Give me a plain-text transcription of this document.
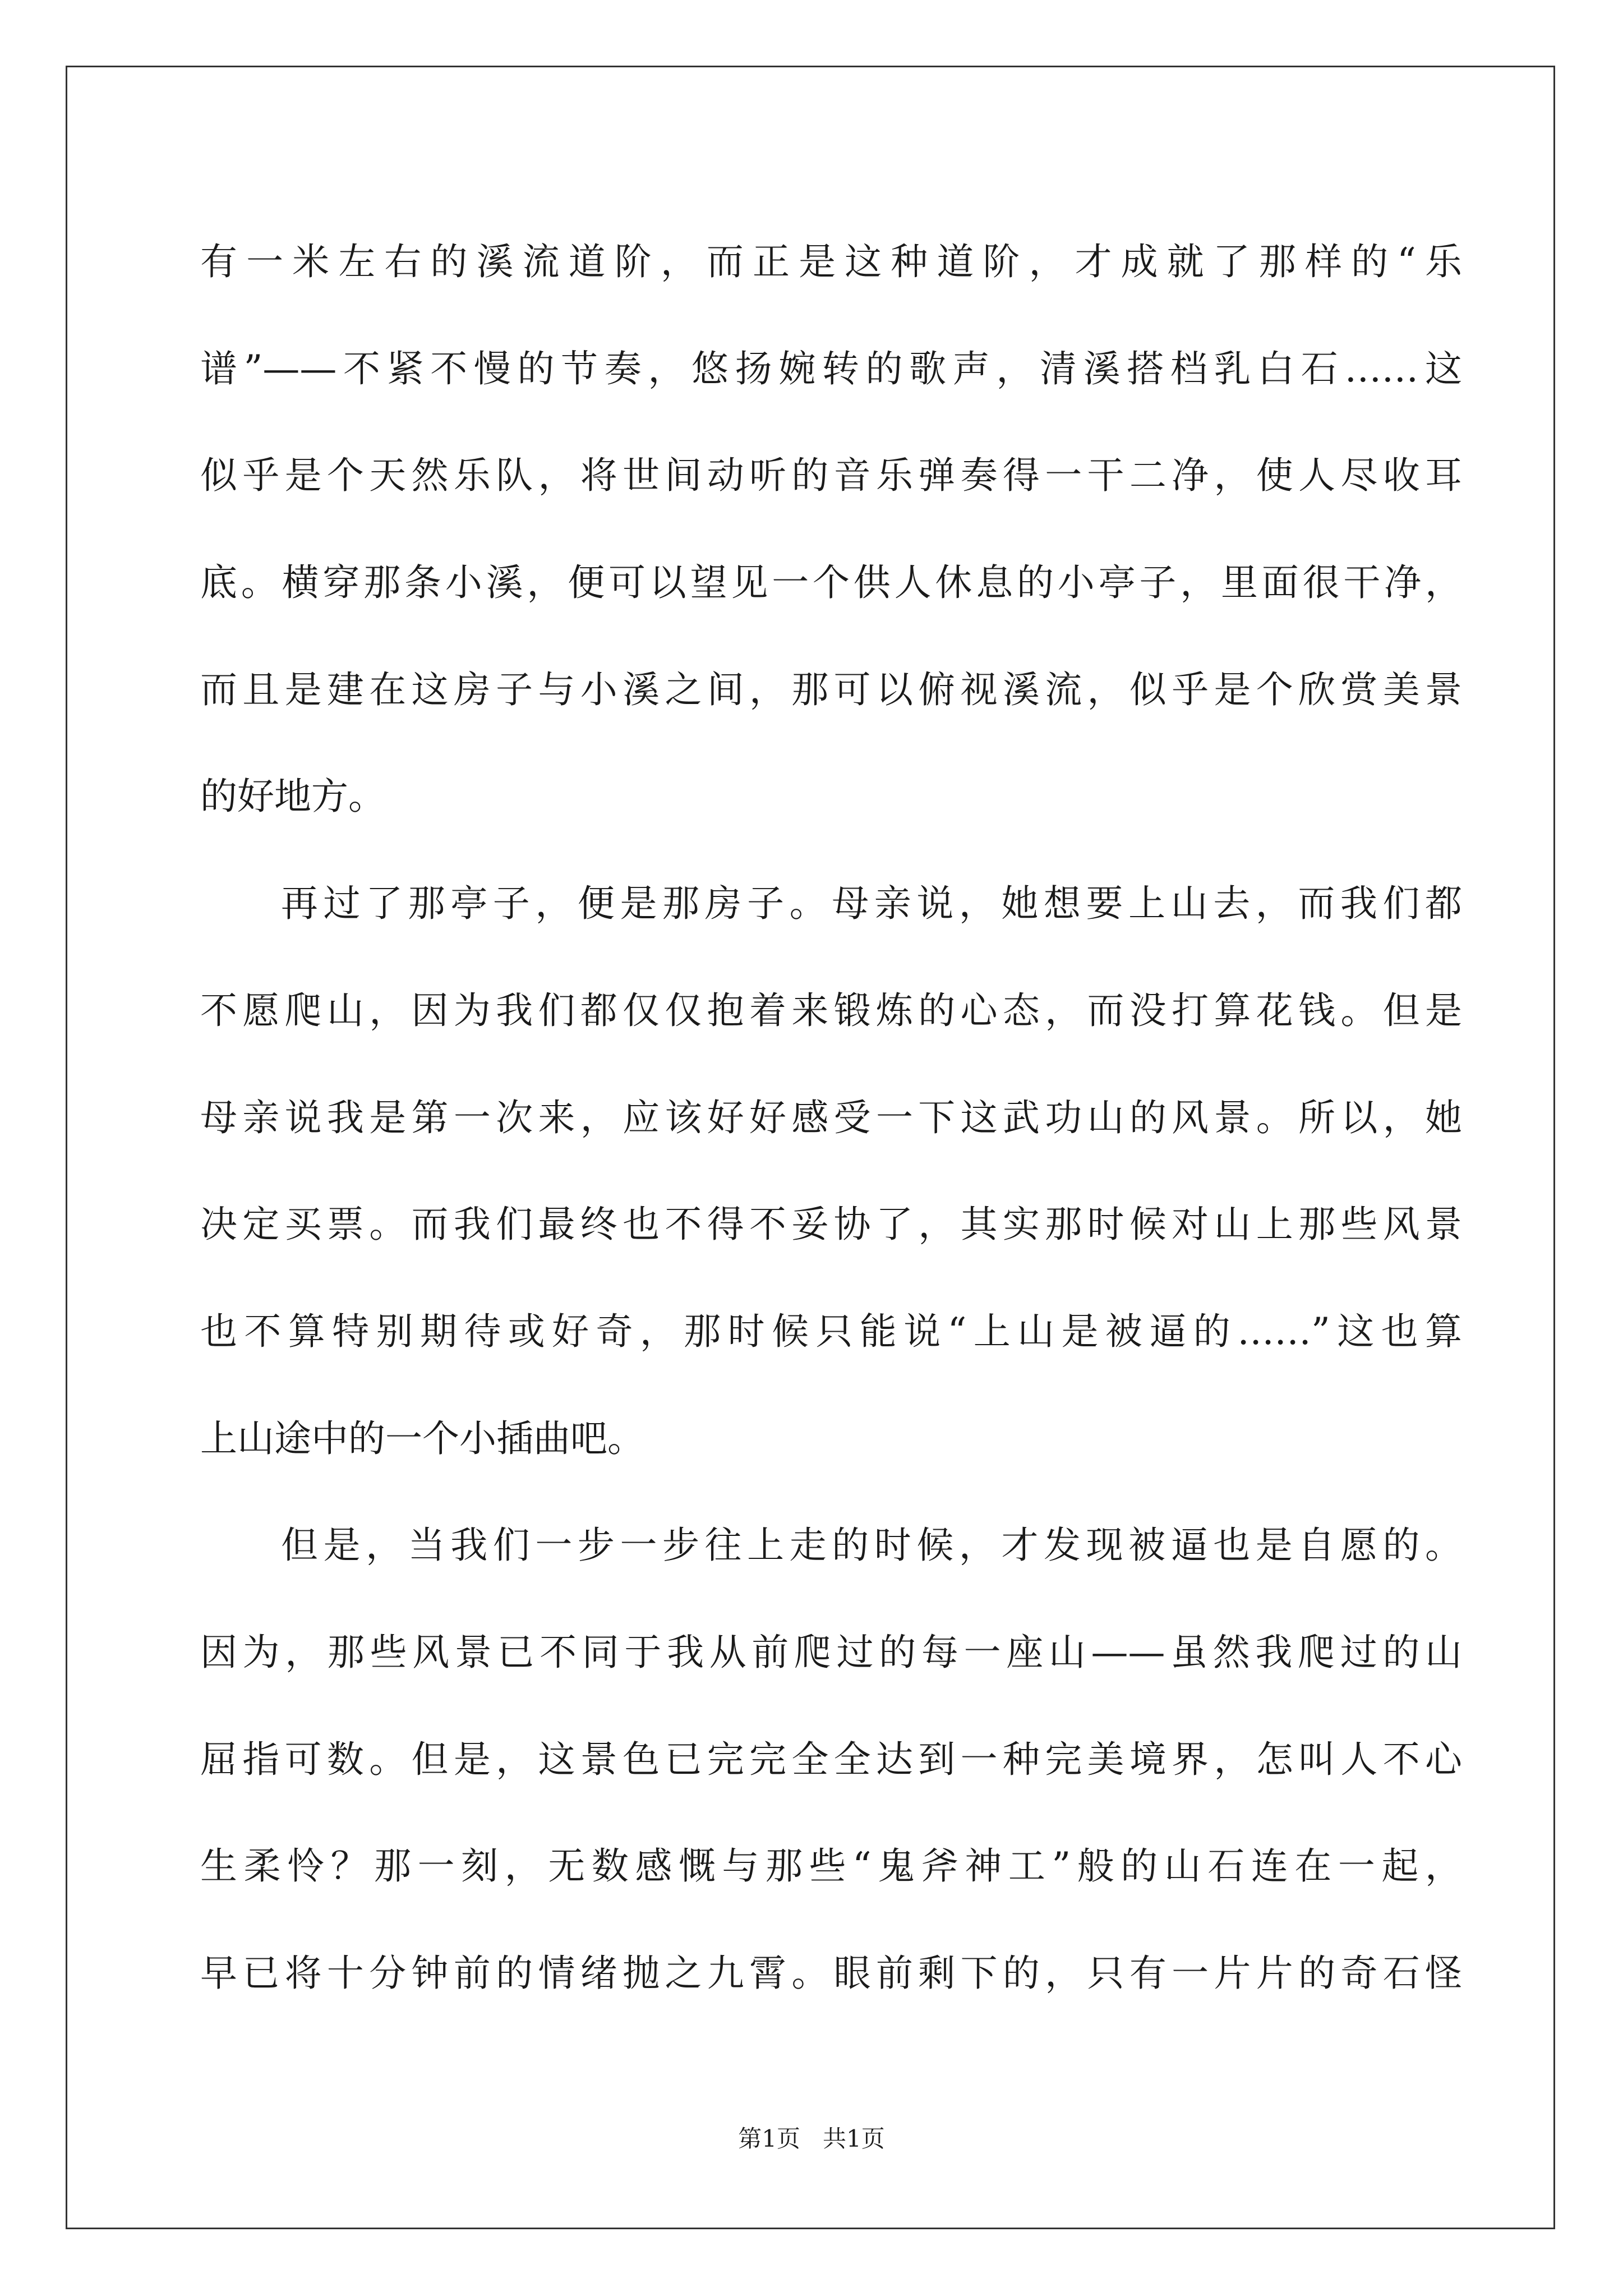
有一米左右的溪流道阶，而正是这种道阶，才成就了那样的“乐
谱”——不紧不慢的节奏，悠扬婉转的歌声，清溪搭档乳白石……这
似乎是个天然乐队，将世间动听的音乐弹奏得一干二净，使人尽收耳
底。横穿那条小溪，便可以望见一个供人休息的小亭子，里面很干净，
而且是建在这房子与小溪之间，那可以俯视溪流，似乎是个欣赏美景
的好地方。
再过了那亭子，便是那房子。母亲说，她想要上山去，而我们都
不愿爬山，因为我们都仅仅抱着来锻炼的心态，而没打算花钱。但是
母亲说我是第一次来，应该好好感受一下这武功山的风景。所以，她
决定买票。而我们最终也不得不妥协了，其实那时候对山上那些风景
也不算特别期待或好奇，那时候只能说“上山是被逼的……”这也算
上山途中的一个小插曲吧。
但是，当我们一步一步往上走的时候，才发现被逼也是自愿的。
因为，那些风景已不同于我从前爬过的每一座山——虽然我爬过的山
屈指可数。但是，这景色已完完全全达到一种完美境界，怎叫人不心
生柔怜？那一刻，无数感慨与那些“鬼斧神工”般的山石连在一起，
早已将十分钟前的情绪抛之九霄。眼前剩下的，只有一片片的奇石怪
第1页   共1页
